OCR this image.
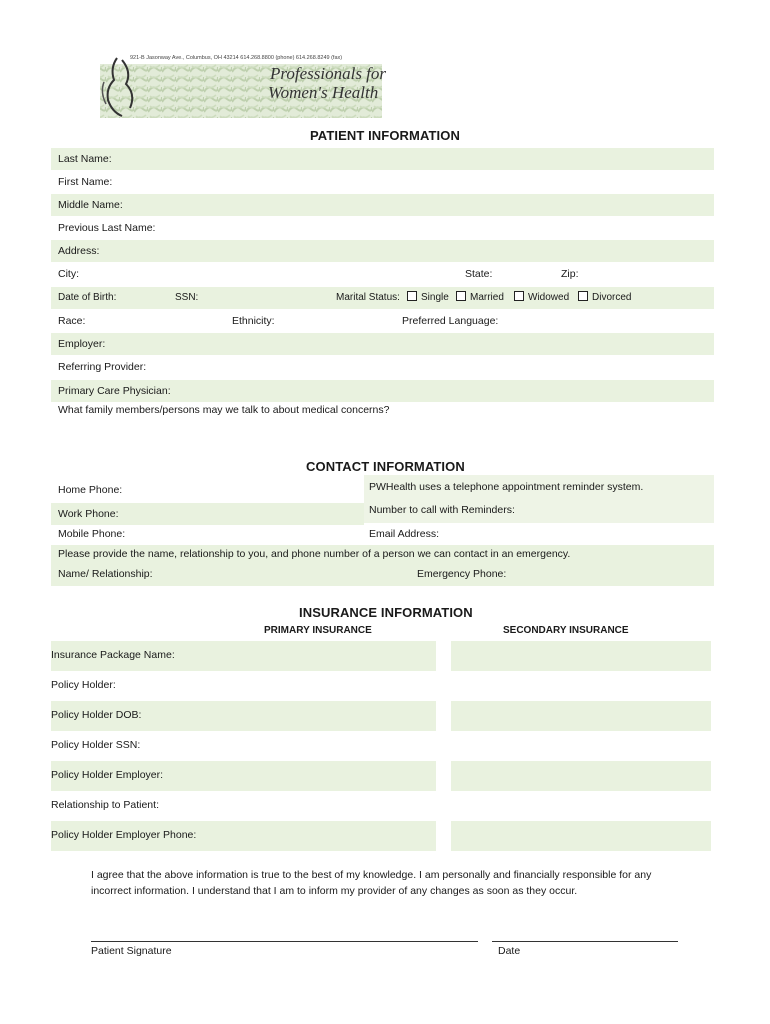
921-B Jasonway Ave., Columbus, OH 43214 614.268.8800 (phone) 614.268.8249 (fax)
Professionals for
Women's Health
PATIENT INFORMATION
Last Name:
First Name:
Middle Name:
Previous Last Name:
Address:
City:	State:	Zip:
Date of Birth:	SSN:	Marital Status:	Single	Married	Widowed	Divorced
Race:	Ethnicity:	Preferred Language:
Employer:
Referring Provider:
Primary Care Physician:
What family members/persons may we talk to about medical concerns?
CONTACT INFORMATION
PWHealth uses a telephone appointment reminder system.
Home Phone:
Work Phone:	Number to call with Reminders:
Mobile Phone:	Email Address:
Please provide the name, relationship to you, and phone number of a person we can contact in an emergency.
Name/ Relationship:	Emergency Phone:
INSURANCE INFORMATION
PRIMARY INSURANCE	SECONDARY INSURANCE
Insurance Package Name:
Policy Holder:
Policy Holder DOB:
Policy Holder SSN:
Policy Holder Employer:
Relationship to Patient:
Policy Holder Employer Phone:
I agree that the above information is true to the best of my knowledge. I am personally and financially responsible for any
incorrect information. I understand that I am to inform my provider of any changes as soon as they occur.
Patient Signature	Date
